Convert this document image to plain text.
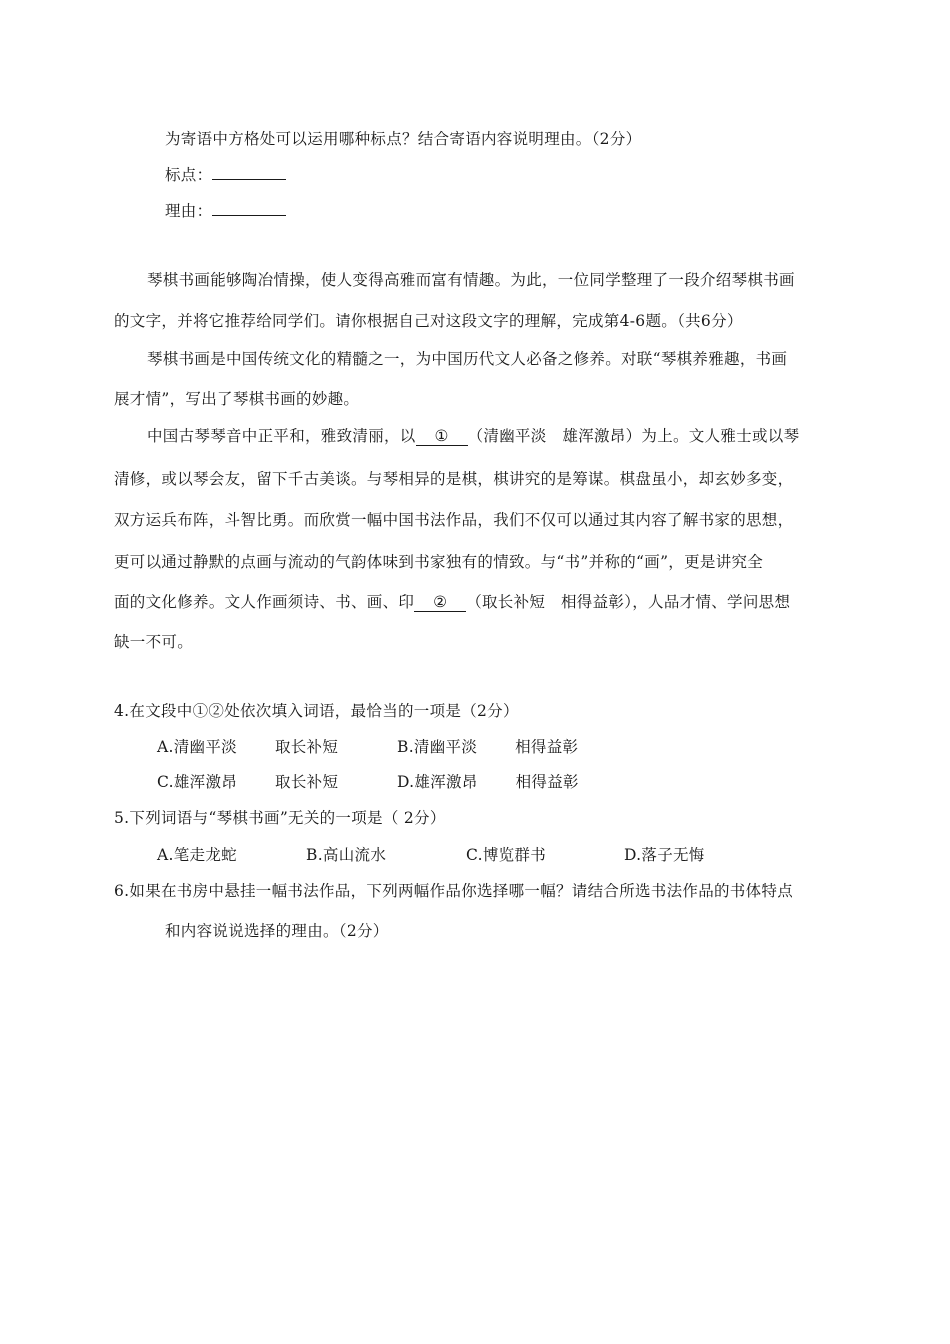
为寄语中方格处可以运用哪种标点？结合寄语内容说明理由。（2分）
标点：
理由：
琴棋书画能够陶冶情操，使人变得高雅而富有情趣。为此，一位同学整理了一段介绍琴棋书画
的文字，并将它推荐给同学们。请你根据自己对这段文字的理解，完成第4-6题。（共6分）
琴棋书画是中国传统文化的精髓之一，为中国历代文人必备之修养。对联“琴棋养雅趣，书画
展才情”，写出了琴棋书画的妙趣。
中国古琴琴音中正平和，雅致清丽，以 ① （清幽平淡　雄浑激昂）为上。文人雅士或以琴
清修，或以琴会友，留下千古美谈。与琴相异的是棋，棋讲究的是筹谋。棋盘虽小，却玄妙多变，
双方运兵布阵，斗智比勇。而欣赏一幅中国书法作品，我们不仅可以通过其内容了解书家的思想，
更可以通过静默的点画与流动的气韵体味到书家独有的情致。与“书”并称的“画”，更是讲究全
面的文化修养。文人作画须诗、书、画、印 ② （取长补短　相得益彰），人品才情、学问思想
缺一不可。
4.在文段中①②处依次填入词语，最恰当的一项是（2分）
A.清幽平淡 取长补短	B.清幽平淡 相得益彰
C.雄浑激昂 取长补短	D.雄浑激昂 相得益彰
5.下列词语与“琴棋书画”无关的一项是（ 2分）
A.笔走龙蛇	B.高山流水	C.博览群书	D.落子无悔
6.如果在书房中悬挂一幅书法作品，下列两幅作品你选择哪一幅？请结合所选书法作品的书体特点
和内容说说选择的理由。（2分）
